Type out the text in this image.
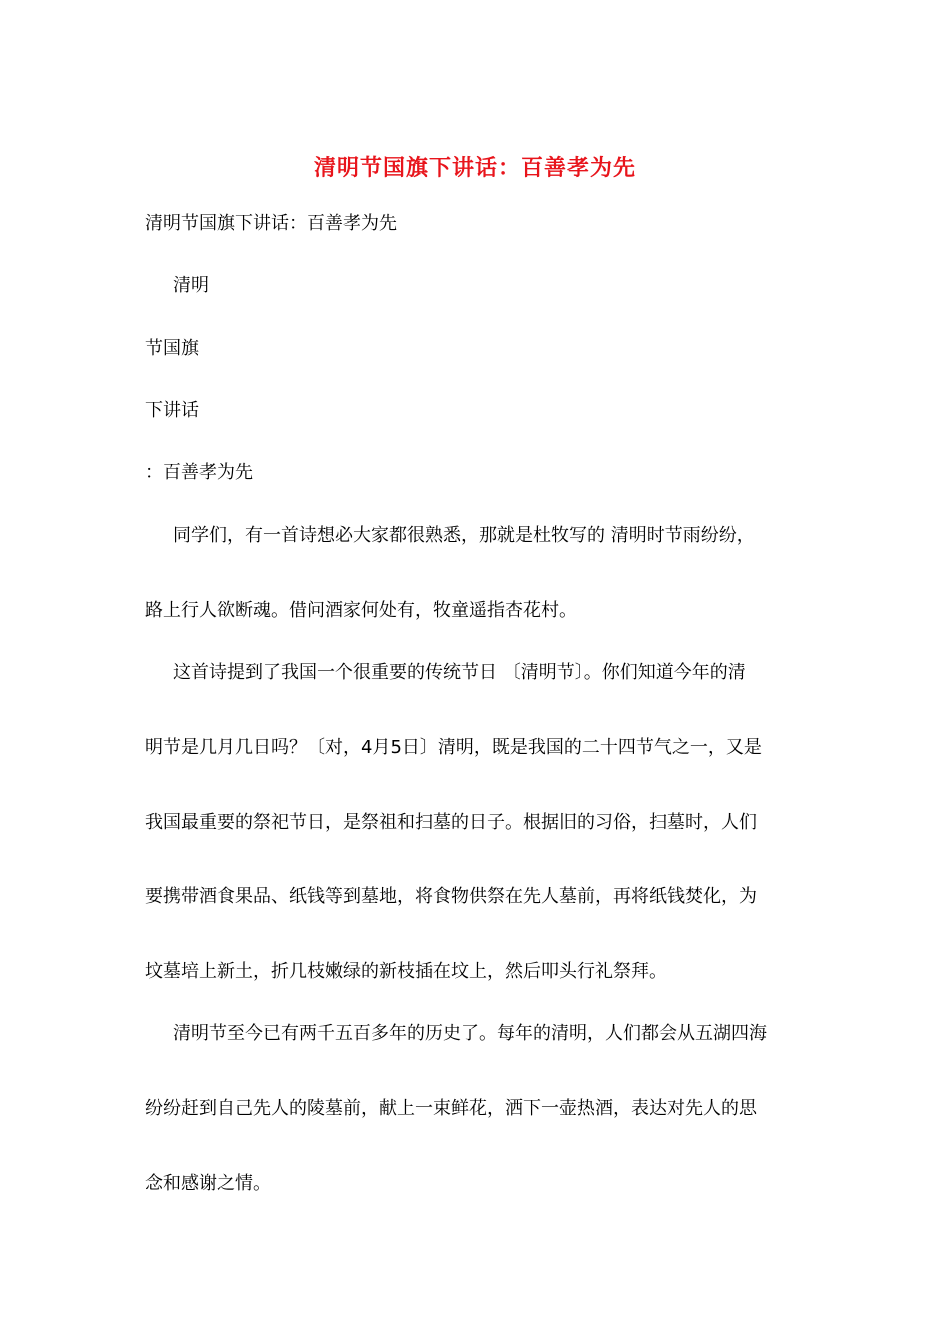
清明节国旗下讲话：百善孝为先
清明节国旗下讲话：百善孝为先
清明
节国旗
下讲话
：百善孝为先
同学们，有一首诗想必大家都很熟悉，那就是杜牧写的 清明时节雨纷纷，
路上行人欲断魂。借问酒家何处有，牧童遥指杏花村。
这首诗提到了我国一个很重要的传统节日 〔清明节〕。你们知道今年的清
明节是几月几日吗？〔对，4月5日〕清明，既是我国的二十四节气之一，又是
我国最重要的祭祀节日，是祭祖和扫墓的日子。根据旧的习俗，扫墓时，人们
要携带酒食果品、纸钱等到墓地，将食物供祭在先人墓前，再将纸钱焚化，为
坟墓培上新土，折几枝嫩绿的新枝插在坟上，然后叩头行礼祭拜。
清明节至今已有两千五百多年的历史了。每年的清明，人们都会从五湖四海
纷纷赶到自己先人的陵墓前，献上一束鲜花，洒下一壶热酒，表达对先人的思
念和感谢之情。
